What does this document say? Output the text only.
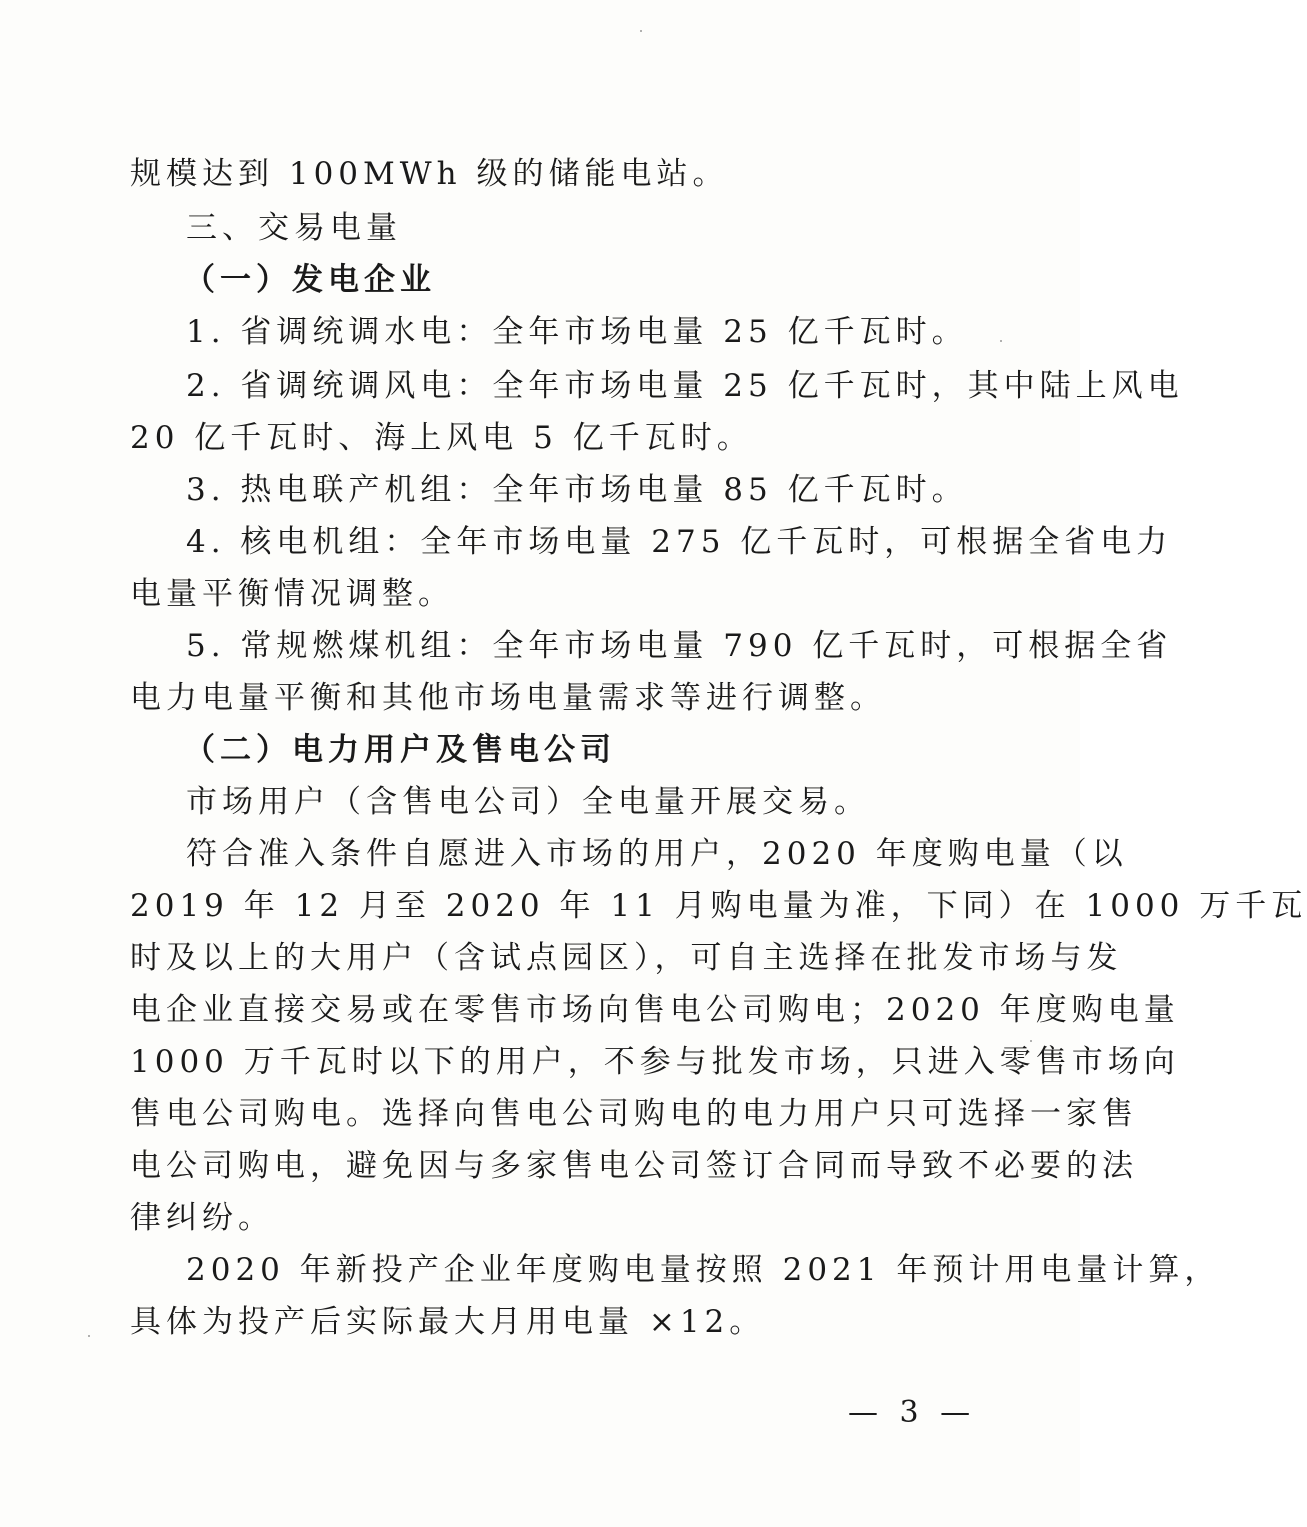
规模达到 100MWh 级的储能电站。
三、交易电量
（一）发电企业
1. 省调统调水电：全年市场电量 25 亿千瓦时。
2. 省调统调风电：全年市场电量 25 亿千瓦时，其中陆上风电
20 亿千瓦时、海上风电 5 亿千瓦时。
3. 热电联产机组：全年市场电量 85 亿千瓦时。
4. 核电机组：全年市场电量 275 亿千瓦时，可根据全省电力
电量平衡情况调整。
5. 常规燃煤机组：全年市场电量 790 亿千瓦时，可根据全省
电力电量平衡和其他市场电量需求等进行调整。
（二）电力用户及售电公司
市场用户（含售电公司）全电量开展交易。
符合准入条件自愿进入市场的用户，2020 年度购电量（以
2019 年 12 月至 2020 年 11 月购电量为准，下同）在 1000 万千瓦
时及以上的大用户（含试点园区），可自主选择在批发市场与发
电企业直接交易或在零售市场向售电公司购电；2020 年度购电量
1000 万千瓦时以下的用户，不参与批发市场，只进入零售市场向
售电公司购电。选择向售电公司购电的电力用户只可选择一家售
电公司购电，避免因与多家售电公司签订合同而导致不必要的法
律纠纷。
2020 年新投产企业年度购电量按照 2021 年预计用电量计算，
具体为投产后实际最大月用电量 ×12。
— 3 —
